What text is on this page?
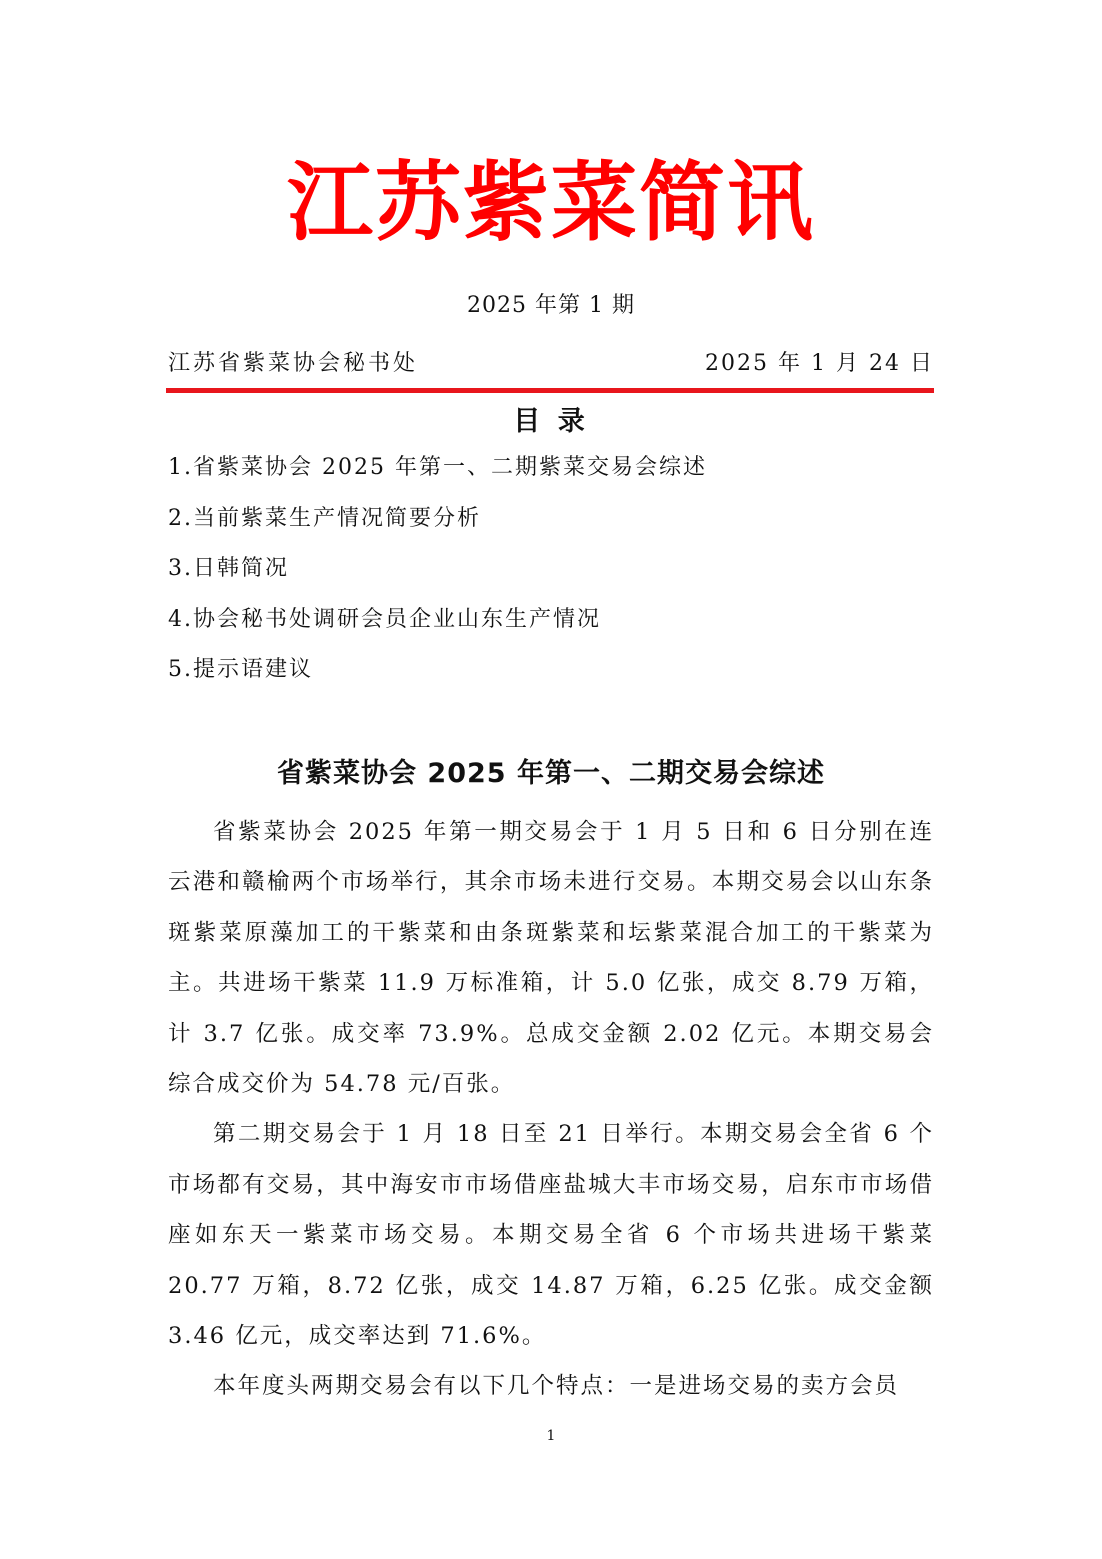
江苏紫菜简讯
2025 年第 1 期
江苏省紫菜协会秘书处	2025 年 1 月 24 日
目 录
1.省紫菜协会 2025 年第一、二期紫菜交易会综述
2.当前紫菜生产情况简要分析
3.日韩简况
4.协会秘书处调研会员企业山东生产情况
5.提示语建议
省紫菜协会 2025 年第一、二期交易会综述

省紫菜协会 2025 年第一期交易会于 1 月 5 日和 6 日分别在连云港和赣榆两个市场举行，其余市场未进行交易。本期交易会以山东条斑紫菜原藻加工的干紫菜和由条斑紫菜和坛紫菜混合加工的干紫菜为主。共进场干紫菜 11.9 万标准箱，计 5.0 亿张，成交 8.79 万箱，计 3.7 亿张。成交率 73.9%。总成交金额 2.02 亿元。本期交易会综合成交价为 54.78 元/百张。

第二期交易会于 1 月 18 日至 21 日举行。本期交易会全省 6 个市场都有交易，其中海安市市场借座盐城大丰市场交易，启东市市场借座如东天一紫菜市场交易。本期交易全省 6 个市场共进场干紫菜 20.77 万箱，8.72 亿张，成交 14.87 万箱，6.25 亿张。成交金额 3.46 亿元，成交率达到 71.6%。

本年度头两期交易会有以下几个特点：一是进场交易的卖方会员

1
